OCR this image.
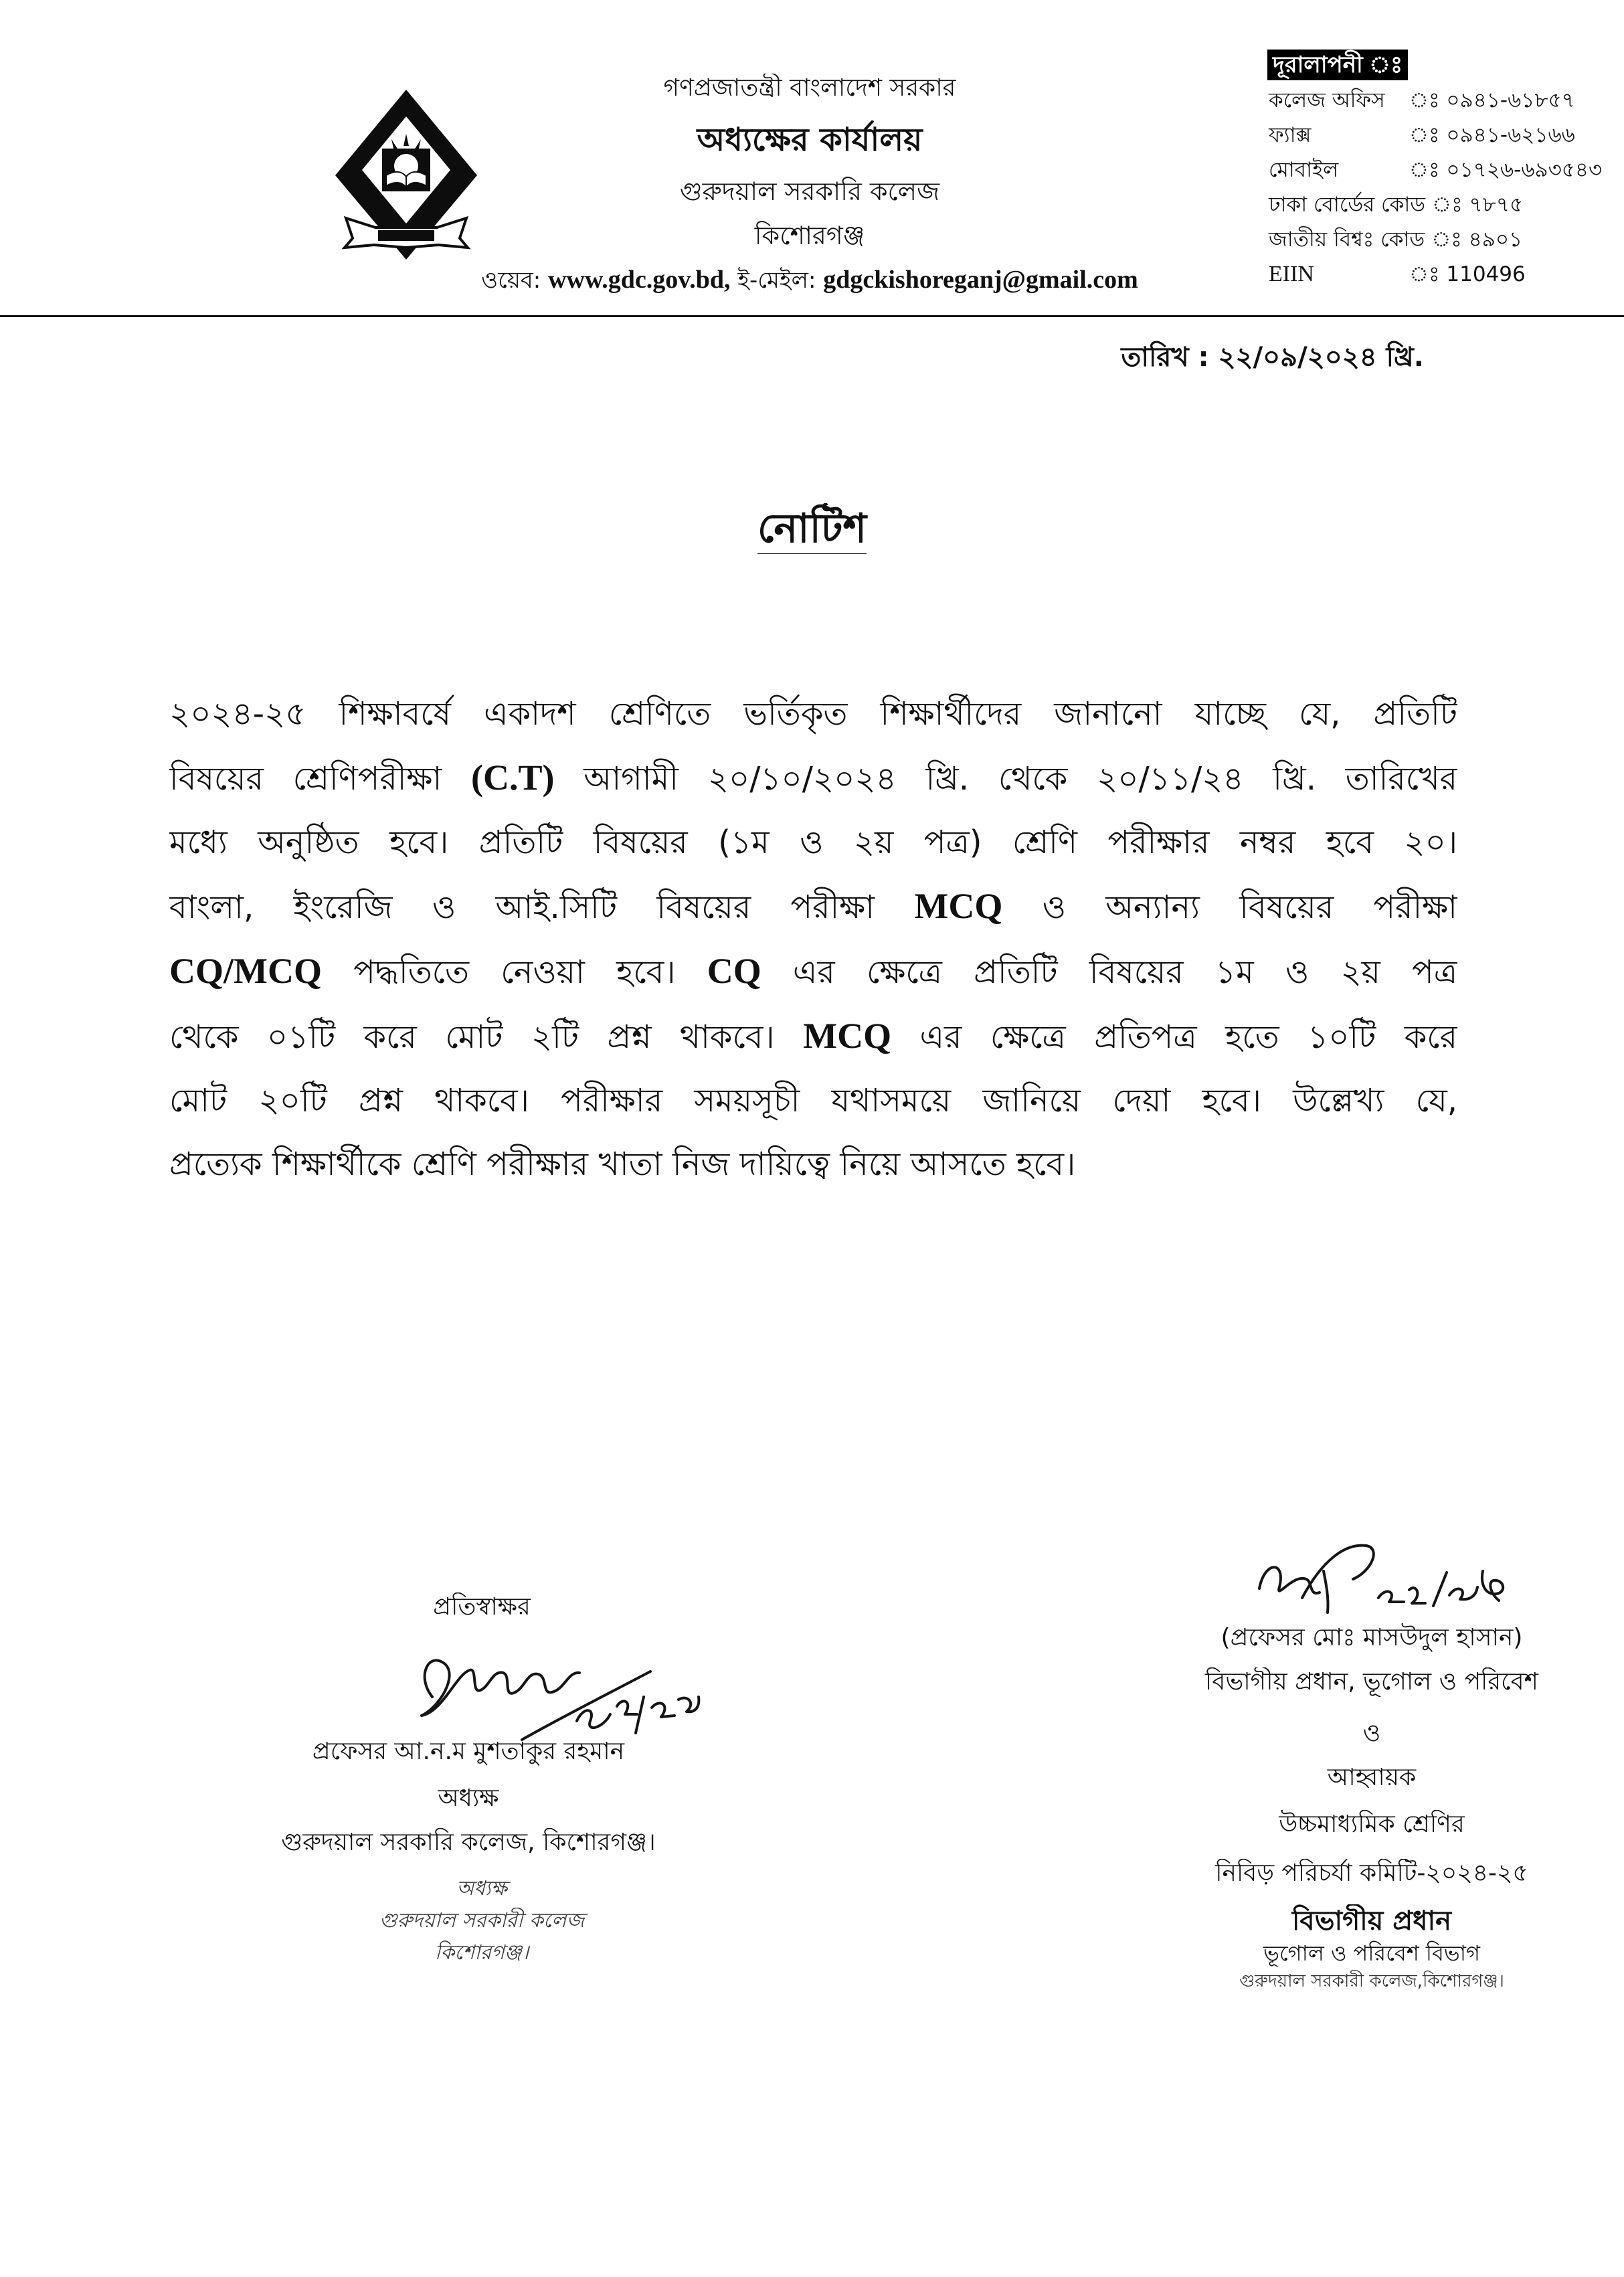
গণপ্রজাতন্ত্রী বাংলাদেশ সরকার
অধ্যক্ষের কার্যালয়
গুরুদয়াল সরকারি কলেজ
কিশোরগঞ্জ
ওয়েব: www.gdc.gov.bd, ই-মেইল: gdgckishoreganj@gmail.com
দূরালাপনী ঃ
কলেজ অফিস	ঃ ০৯৪১-৬১৮৫৭
ফ্যাক্স	ঃ ০৯৪১-৬২১৬৬
মোবাইল	ঃ ০১৭২৬-৬৯৩৫৪৩
ঢাকা বোর্ডের কোড ঃ ৭৮৭৫
জাতীয় বিশ্বঃ কোড ঃ ৪৯০১
EIIN	ঃ 110496
তারিখ : ২২/০৯/২০২৪ খ্রি.
নোটিশ
২০২৪-২৫ শিক্ষাবর্ষে একাদশ শ্রেণিতে ভর্তিকৃত শিক্ষার্থীদের জানানো যাচ্ছে যে, প্রতিটি
বিষয়ের শ্রেণিপরীক্ষা (C.T) আগামী ২০/১০/২০২৪ খ্রি. থেকে ২০/১১/২৪ খ্রি. তারিখের
মধ্যে অনুষ্ঠিত হবে। প্রতিটি বিষয়ের (১ম ও ২য় পত্র) শ্রেণি পরীক্ষার নম্বর হবে ২০।
বাংলা, ইংরেজি ও আই.সিটি বিষয়ের পরীক্ষা MCQ ও অন্যান্য বিষয়ের পরীক্ষা
CQ/MCQ পদ্ধতিতে নেওয়া হবে। CQ এর ক্ষেত্রে প্রতিটি বিষয়ের ১ম ও ২য় পত্র
থেকে ০১টি করে মোট ২টি প্রশ্ন থাকবে। MCQ এর ক্ষেত্রে প্রতিপত্র হতে ১০টি করে
মোট ২০টি প্রশ্ন থাকবে। পরীক্ষার সময়সূচী যথাসময়ে জানিয়ে দেয়া হবে। উল্লেখ্য যে,
প্রত্যেক শিক্ষার্থীকে শ্রেণি পরীক্ষার খাতা নিজ দায়িত্বে নিয়ে আসতে হবে।
প্রতিস্বাক্ষর
প্রফেসর আ.ন.ম মুশতাকুর রহমান
অধ্যক্ষ
গুরুদয়াল সরকারি কলেজ, কিশোরগঞ্জ।
অধ্যক্ষ
গুরুদয়াল সরকারী কলেজ
কিশোরগঞ্জ।
(প্রফেসর মোঃ মাসউদুল হাসান)
বিভাগীয় প্রধান, ভূগোল ও পরিবেশ
ও
আহ্বায়ক
উচ্চমাধ্যমিক শ্রেণির
নিবিড় পরিচর্যা কমিটি-২০২৪-২৫
বিভাগীয় প্রধান
ভূগোল ও পরিবেশ বিভাগ
গুরুদয়াল সরকারী কলেজ,কিশোরগঞ্জ।
